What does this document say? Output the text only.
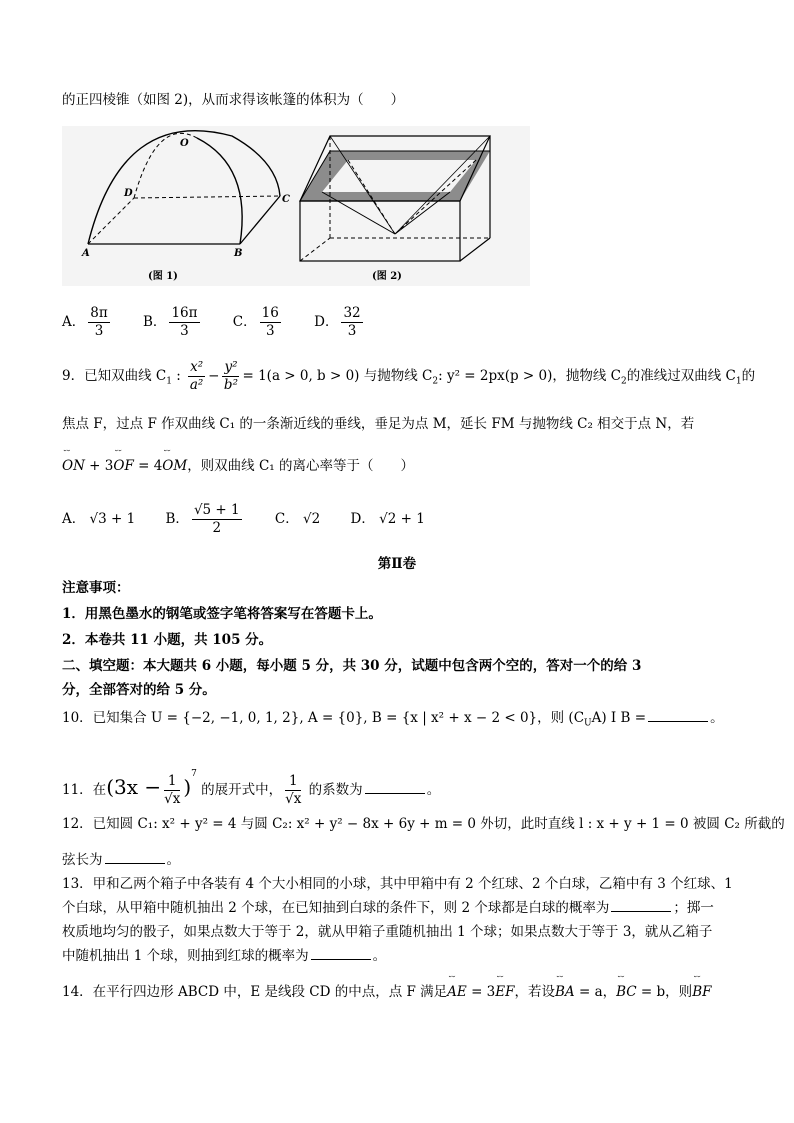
的正四棱锥（如图 2)，从而求得该帐篷的体积为（　　）
O
D
C
A	B
(图 1)	(图 2)
A． $\frac{8\pi}{3}$ B． $\frac{16\pi}{3}$ C． $\frac{16}{3}$ D． $\frac{32}{3}$
9．已知双曲线 $C_1$ : $\frac{\text{x²}}{\text{a²}} - \frac{\text{y²}}{\text{b²}} = 1(a > 0$, b > 0) 与抛物线 $C_2$: y² = 2px(p > 0)，抛物线 $C_2$的准线过双曲线 $C_1$的
焦点 F，过点 F 作双曲线 C₁ 的一条渐近线的垂线，垂足为点 M，延长 FM 与抛物线 C₂ 相交于点 N，若
˘˘ ON + 3˘˘ OF = 4˘˘ OM，则双曲线 C₁ 的离心率等于（　　）
A． √3 + 1 B． $\frac{√5 + 1}{2}$ C． √2 D． √2 + 1
第Ⅱ卷
注意事项：
1．用黑色墨水的钢笔或签字笔将答案写在答题卡上。
2．本卷共 11 小题，共 105 分。
二、填空题：本大题共 6 小题，每小题 5 分，共 30 分，试题中包含两个空的，答对一个的给 3
分，全部答对的给 5 分。
10．已知集合 U = {−2, −1, 0, 1, 2}, A = {0}, B = {x | x² + x − 2 < 0}，则 $(C_UA)$ I B =	。
11．在$(3x - \frac{1}{√x} )^7$ 的展开式中， $\frac{1}{√x}$ 的系数为	。
12．已知圆 C₁: x² + y² = 4 与圆 C₂: x² + y² − 8x + 6y + m = 0 外切，此时直线 l : x + y + 1 = 0 被圆 C₂ 所截的
弦长为	。
13．甲和乙两个箱子中各装有 4 个大小相同的小球，其中甲箱中有 2 个红球、2 个白球，乙箱中有 3 个红球、1
个白球，从甲箱中随机抽出 2 个球，在已知抽到白球的条件下，则 2 个球都是白球的概率为	；掷一
枚质地均匀的骰子，如果点数大于等于 2，就从甲箱子重随机抽出 1 个球；如果点数大于等于 3，就从乙箱子
中随机抽出 1 个球，则抽到红球的概率为	。
14．在平行四边形 ABCD 中，E 是线段 CD 的中点，点 F 满足˘˘ AE = 3˘˘ EF，若设˘˘ BA = a，˘˘ BC = b，则˘˘ BF
